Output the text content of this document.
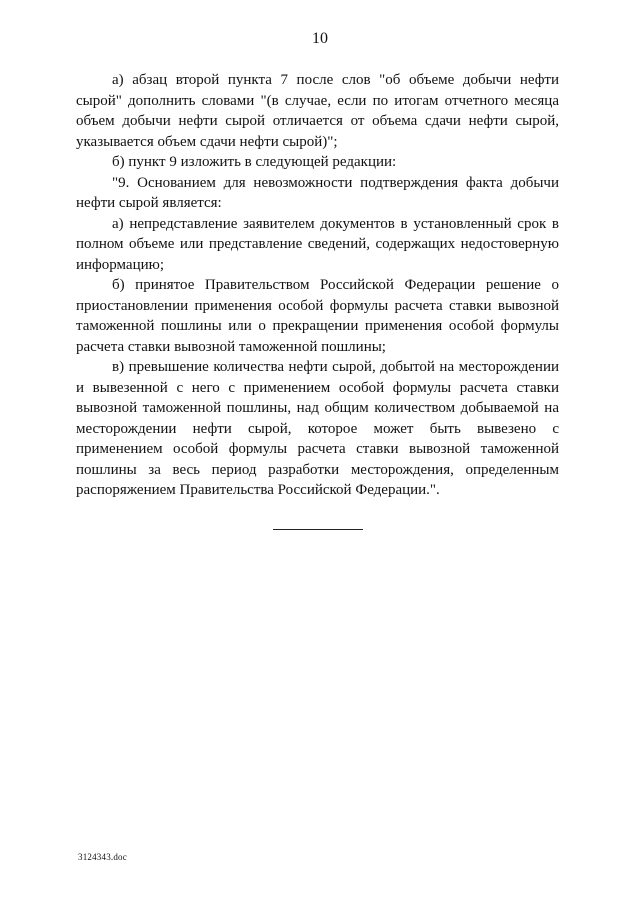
10

а) абзац второй пункта 7 после слов "об объеме добычи нефти сырой" дополнить словами "(в случае, если по итогам отчетного месяца объем добычи нефти сырой отличается от объема сдачи нефти сырой, указывается объем сдачи нефти сырой)";

б) пункт 9 изложить в следующей редакции:

"9. Основанием для невозможности подтверждения факта добычи нефти сырой является:

а) непредставление заявителем документов в установленный срок в полном объеме или представление сведений, содержащих недостоверную информацию;

б) принятое Правительством Российской Федерации решение о приостановлении применения особой формулы расчета ставки вывозной таможенной пошлины или о прекращении применения особой формулы расчета ставки вывозной таможенной пошлины;

в) превышение количества нефти сырой, добытой на месторождении и вывезенной с него с применением особой формулы расчета ставки вывозной таможенной пошлины, над общим количеством добываемой на месторождении нефти сырой, которое может быть вывезено с применением особой формулы расчета ставки вывозной таможенной пошлины за весь период разработки месторождения, определенным распоряжением Правительства Российской Федерации.".

3124343.doc
